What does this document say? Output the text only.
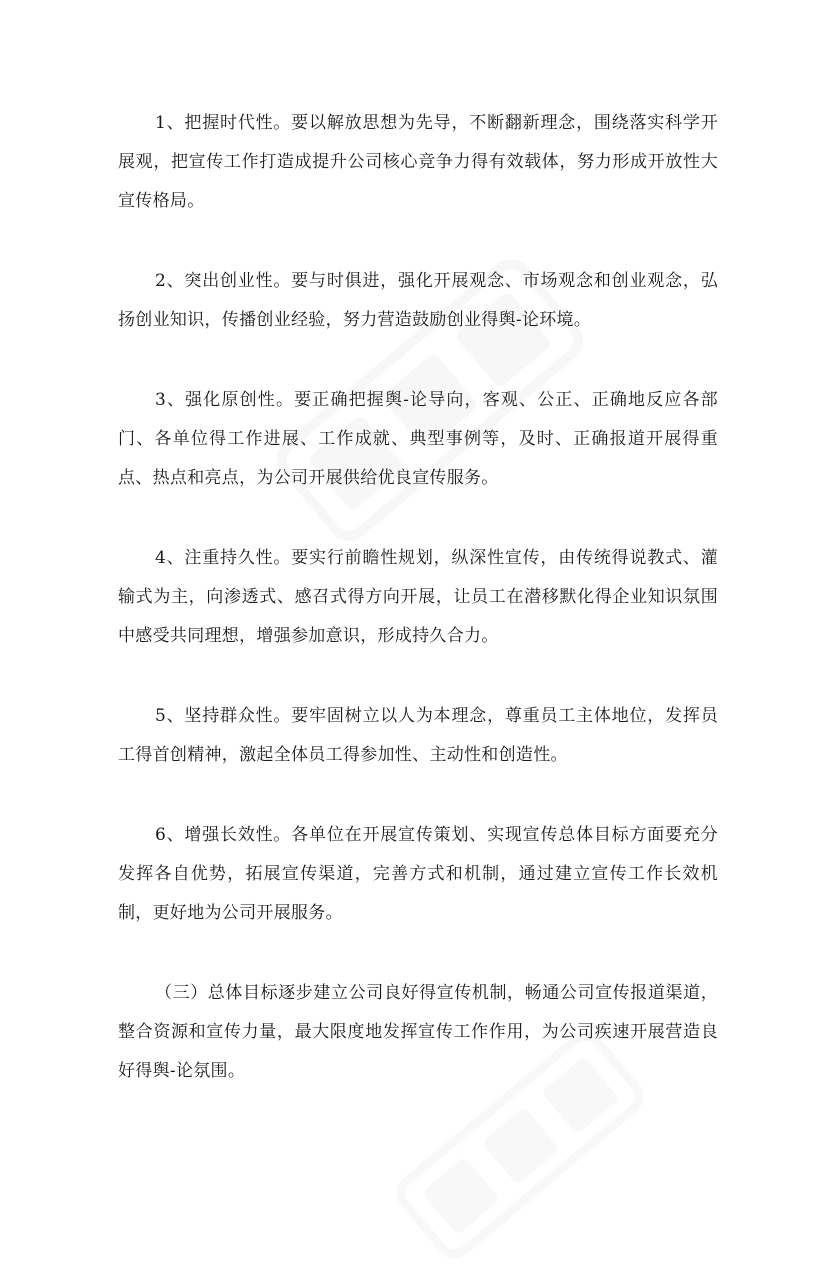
1、把握时代性。要以解放思想为先导，不断翻新理念，围绕落实科学开展观，把宣传工作打造成提升公司核心竞争力得有效载体，努力形成开放性大宣传格局。

2、突出创业性。要与时俱进，强化开展观念、市场观念和创业观念，弘扬创业知识，传播创业经验，努力营造鼓励创业得舆-论环境。

3、强化原创性。要正确把握舆-论导向，客观、公正、正确地反应各部门、各单位得工作进展、工作成就、典型事例等，及时、正确报道开展得重点、热点和亮点，为公司开展供给优良宣传服务。

4、注重持久性。要实行前瞻性规划，纵深性宣传，由传统得说教式、灌输式为主，向渗透式、感召式得方向开展，让员工在潜移默化得企业知识氛围中感受共同理想，增强参加意识，形成持久合力。

5、坚持群众性。要牢固树立以人为本理念，尊重员工主体地位，发挥员工得首创精神，激起全体员工得参加性、主动性和创造性。

6、增强长效性。各单位在开展宣传策划、实现宣传总体目标方面要充分发挥各自优势，拓展宣传渠道，完善方式和机制，通过建立宣传工作长效机制，更好地为公司开展服务。

（三）总体目标逐步建立公司良好得宣传机制，畅通公司宣传报道渠道，整合资源和宣传力量，最大限度地发挥宣传工作作用，为公司疾速开展营造良好得舆-论氛围。
